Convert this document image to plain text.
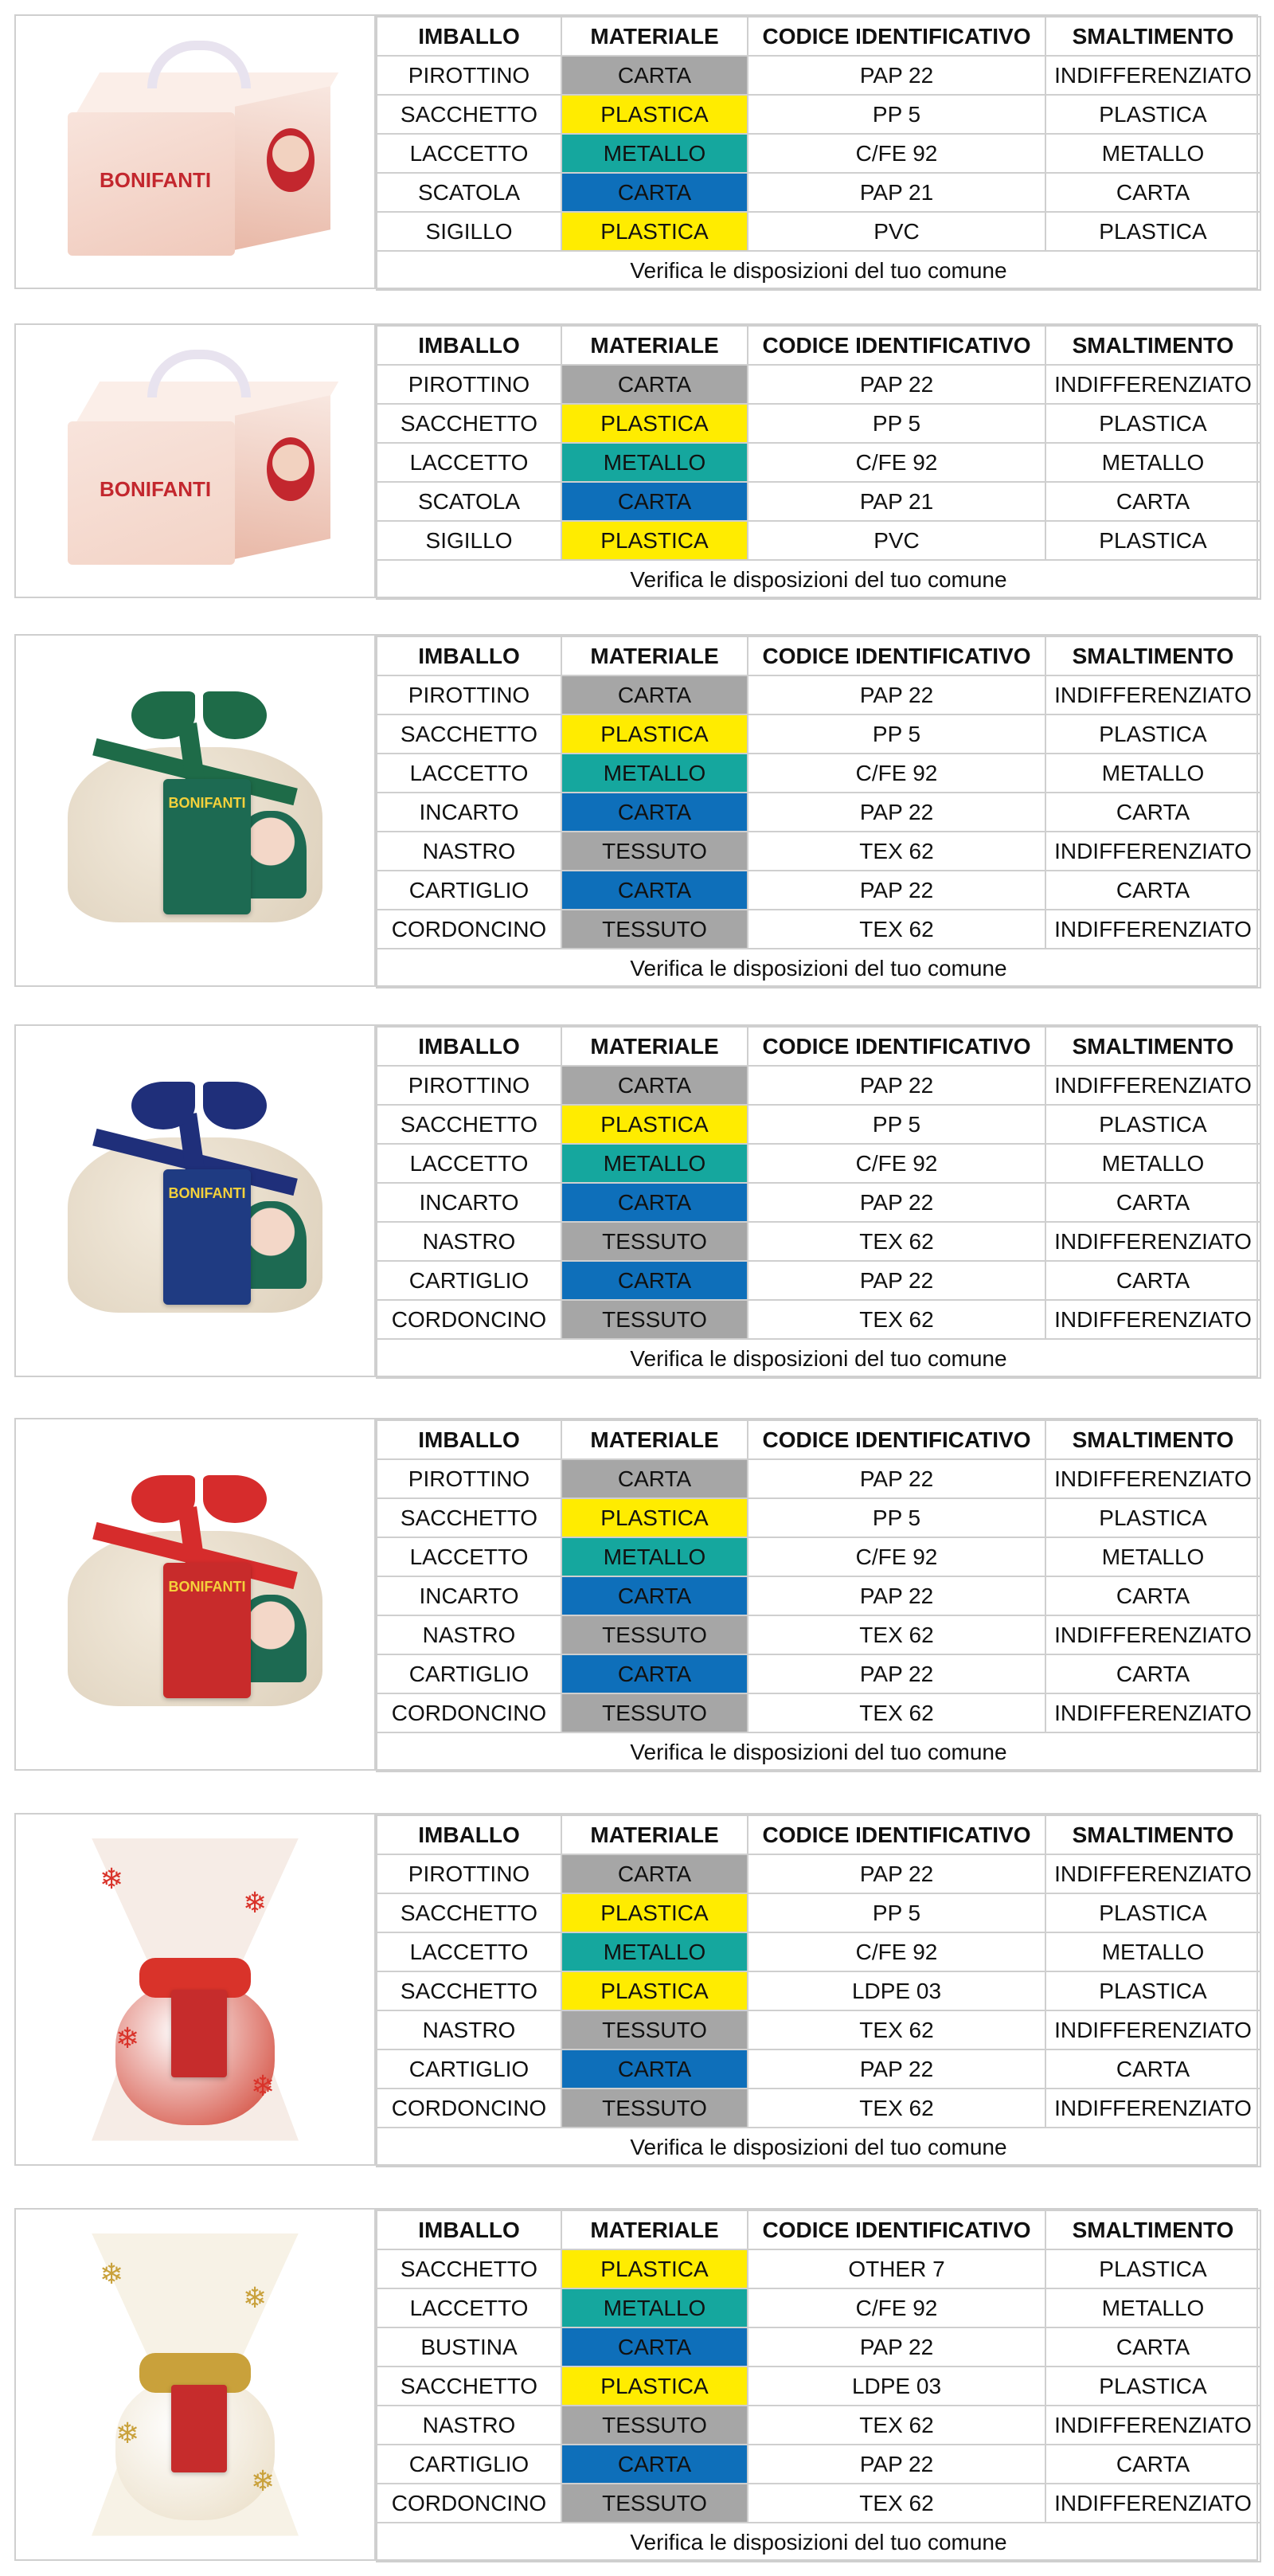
BONIFANTI
IMBALLO	MATERIALE	CODICE IDENTIFICATIVO	SMALTIMENTO
PIROTTINO	CARTA	PAP 22	INDIFFERENZIATO
SACCHETTO	PLASTICA	PP 5	PLASTICA
LACCETTO	METALLO	C/FE 92	METALLO
SCATOLA	CARTA	PAP 21	CARTA
SIGILLO	PLASTICA	PVC	PLASTICA
Verifica le disposizioni del tuo comune			
BONIFANTI
IMBALLO	MATERIALE	CODICE IDENTIFICATIVO	SMALTIMENTO
PIROTTINO	CARTA	PAP 22	INDIFFERENZIATO
SACCHETTO	PLASTICA	PP 5	PLASTICA
LACCETTO	METALLO	C/FE 92	METALLO
SCATOLA	CARTA	PAP 21	CARTA
SIGILLO	PLASTICA	PVC	PLASTICA
Verifica le disposizioni del tuo comune			
BONIFANTI
IMBALLO	MATERIALE	CODICE IDENTIFICATIVO	SMALTIMENTO
PIROTTINO	CARTA	PAP 22	INDIFFERENZIATO
SACCHETTO	PLASTICA	PP 5	PLASTICA
LACCETTO	METALLO	C/FE 92	METALLO
INCARTO	CARTA	PAP 22	CARTA
NASTRO	TESSUTO	TEX 62	INDIFFERENZIATO
CARTIGLIO	CARTA	PAP 22	CARTA
CORDONCINO	TESSUTO	TEX 62	INDIFFERENZIATO
Verifica le disposizioni del tuo comune			
BONIFANTI
IMBALLO	MATERIALE	CODICE IDENTIFICATIVO	SMALTIMENTO
PIROTTINO	CARTA	PAP 22	INDIFFERENZIATO
SACCHETTO	PLASTICA	PP 5	PLASTICA
LACCETTO	METALLO	C/FE 92	METALLO
INCARTO	CARTA	PAP 22	CARTA
NASTRO	TESSUTO	TEX 62	INDIFFERENZIATO
CARTIGLIO	CARTA	PAP 22	CARTA
CORDONCINO	TESSUTO	TEX 62	INDIFFERENZIATO
Verifica le disposizioni del tuo comune			
BONIFANTI
IMBALLO	MATERIALE	CODICE IDENTIFICATIVO	SMALTIMENTO
PIROTTINO	CARTA	PAP 22	INDIFFERENZIATO
SACCHETTO	PLASTICA	PP 5	PLASTICA
LACCETTO	METALLO	C/FE 92	METALLO
INCARTO	CARTA	PAP 22	CARTA
NASTRO	TESSUTO	TEX 62	INDIFFERENZIATO
CARTIGLIO	CARTA	PAP 22	CARTA
CORDONCINO	TESSUTO	TEX 62	INDIFFERENZIATO
Verifica le disposizioni del tuo comune			
❄
❄
❄
❄
IMBALLO	MATERIALE	CODICE IDENTIFICATIVO	SMALTIMENTO
PIROTTINO	CARTA	PAP 22	INDIFFERENZIATO
SACCHETTO	PLASTICA	PP 5	PLASTICA
LACCETTO	METALLO	C/FE 92	METALLO
SACCHETTO	PLASTICA	LDPE 03	PLASTICA
NASTRO	TESSUTO	TEX 62	INDIFFERENZIATO
CARTIGLIO	CARTA	PAP 22	CARTA
CORDONCINO	TESSUTO	TEX 62	INDIFFERENZIATO
Verifica le disposizioni del tuo comune			
❄
❄
❄
❄
IMBALLO	MATERIALE	CODICE IDENTIFICATIVO	SMALTIMENTO
SACCHETTO	PLASTICA	OTHER 7	PLASTICA
LACCETTO	METALLO	C/FE 92	METALLO
BUSTINA	CARTA	PAP 22	CARTA
SACCHETTO	PLASTICA	LDPE 03	PLASTICA
NASTRO	TESSUTO	TEX 62	INDIFFERENZIATO
CARTIGLIO	CARTA	PAP 22	CARTA
CORDONCINO	TESSUTO	TEX 62	INDIFFERENZIATO
Verifica le disposizioni del tuo comune			
